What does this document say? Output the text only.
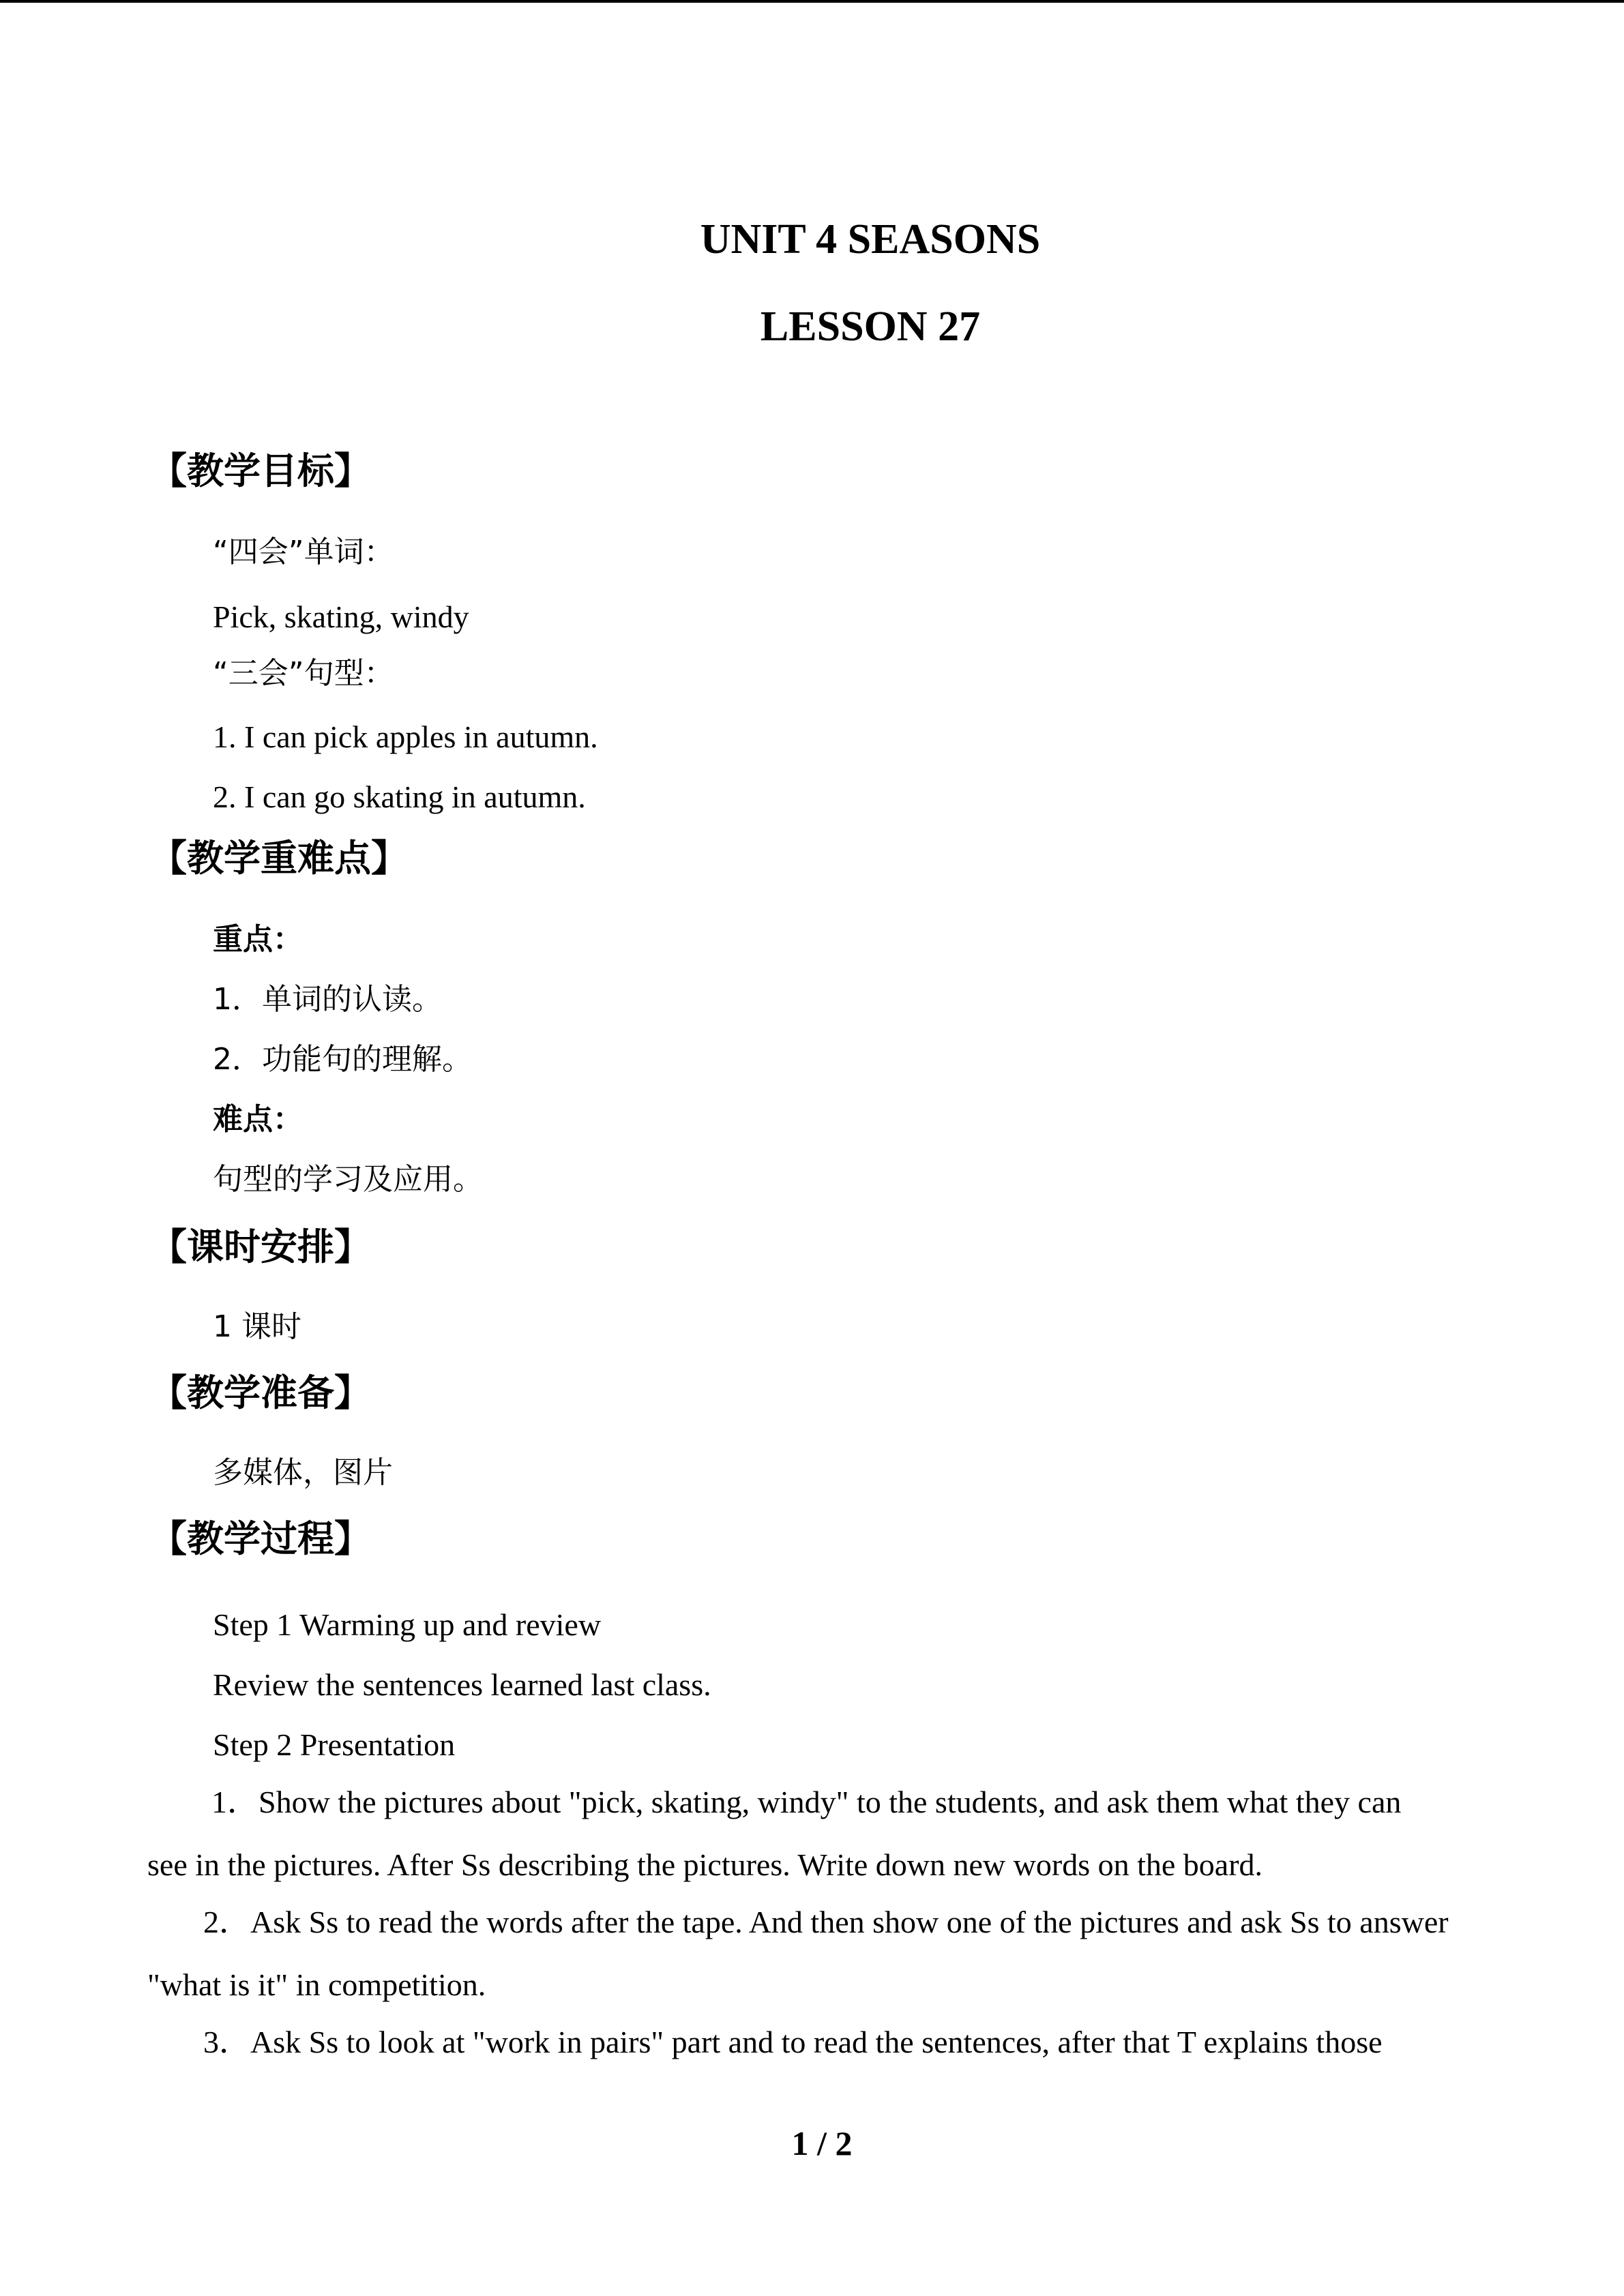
UNIT 4 SEASONS
LESSON 27
【教学目标】
“四会”单词：
Pick, skating, windy
“三会”句型：
1. I can pick apples in autumn.
2. I can go skating in autumn.
【教学重难点】
重点：
1．单词的认读。
2．功能句的理解。
难点：
句型的学习及应用。
【课时安排】
1 课时
【教学准备】
多媒体，图片
【教学过程】
Step 1 Warming up and review
Review the sentences learned last class.
Step 2 Presentation
1．Show the pictures about "pick, skating, windy" to the students, and ask them what they can
see in the pictures. After Ss describing the pictures. Write down new words on the board.
2．Ask Ss to read the words after the tape. And then show one of the pictures and ask Ss to answer
"what is it" in competition.
3．Ask Ss to look at "work in pairs" part and to read the sentences, after that T explains those
1 / 2
